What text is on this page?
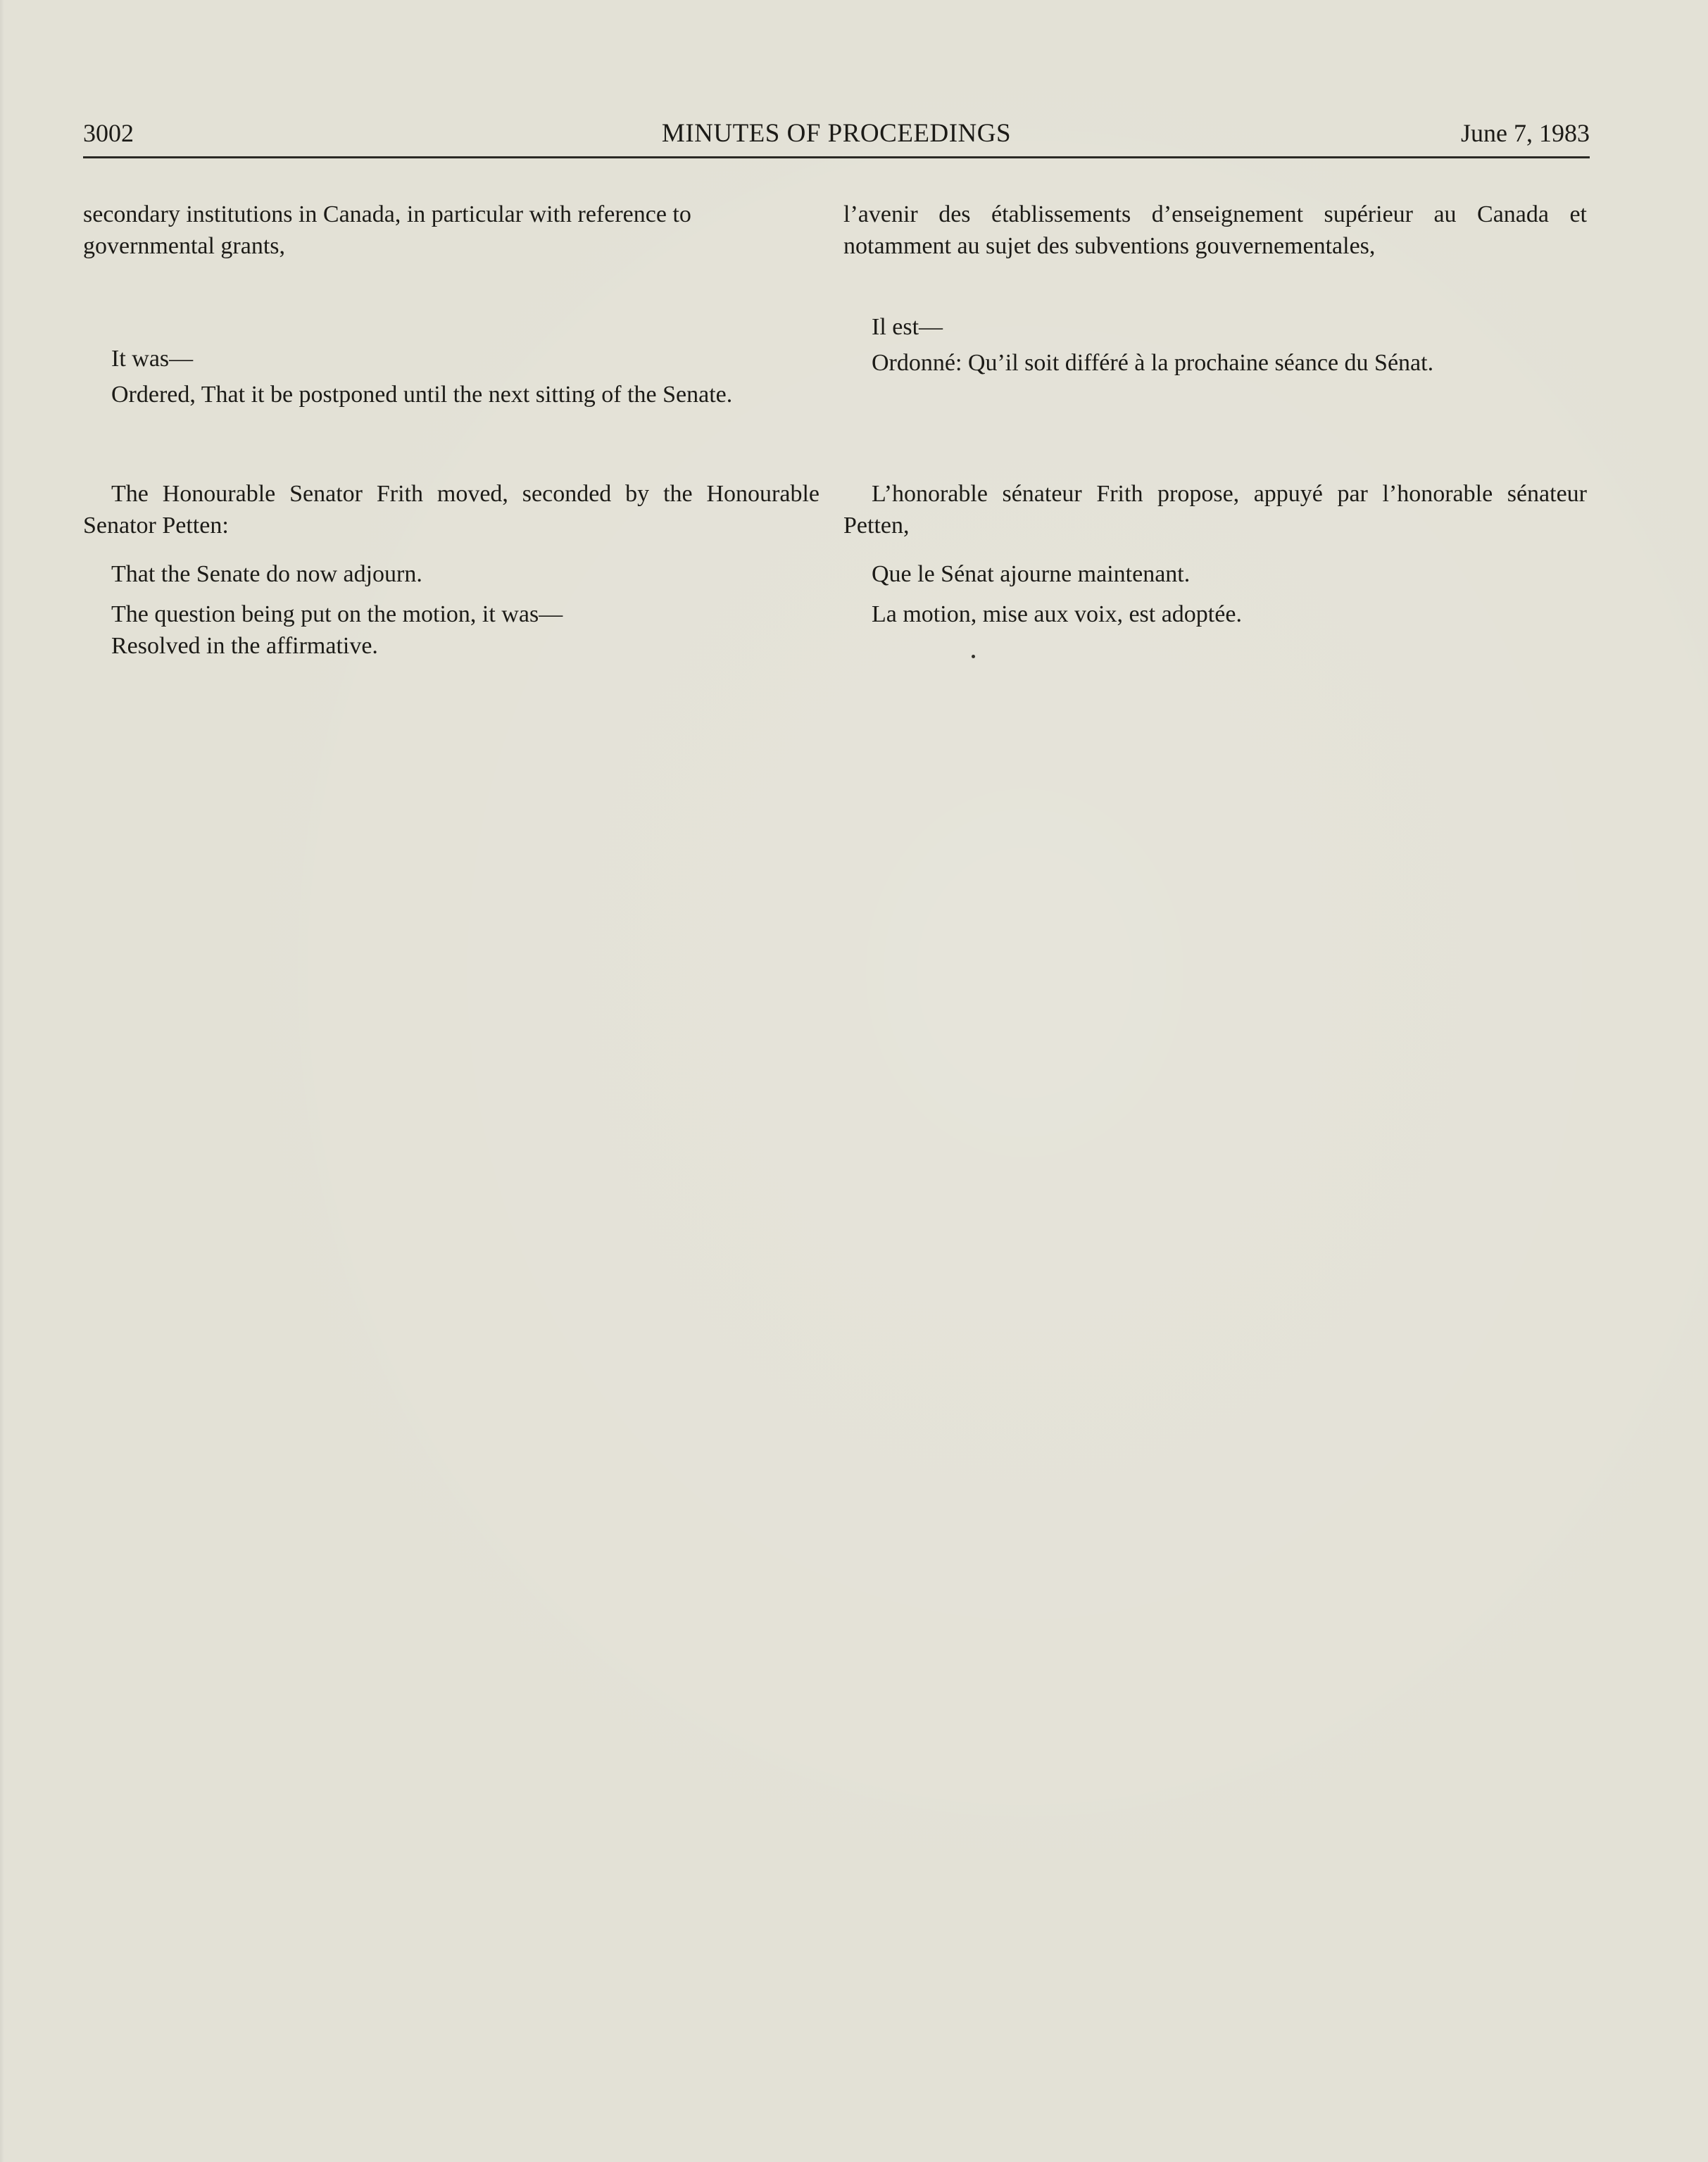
3002	MINUTES OF PROCEEDINGS	June 7, 1983

secondary institutions in Canada, in particular with reference to governmental grants,

It was—

Ordered, That it be postponed until the next sitting of the Senate.

The Honourable Senator Frith moved, seconded by the Honourable Senator Petten:

That the Senate do now adjourn.

The question being put on the motion, it was—

Resolved in the affirmative.

l’avenir des établissements d’enseignement supérieur au Canada et notamment au sujet des subventions gouvernementales,

Il est—

Ordonné: Qu’il soit différé à la prochaine séance du Sénat.

L’honorable sénateur Frith propose, appuyé par l’honorable sénateur Petten,

Que le Sénat ajourne maintenant.

La motion, mise aux voix, est adoptée.
